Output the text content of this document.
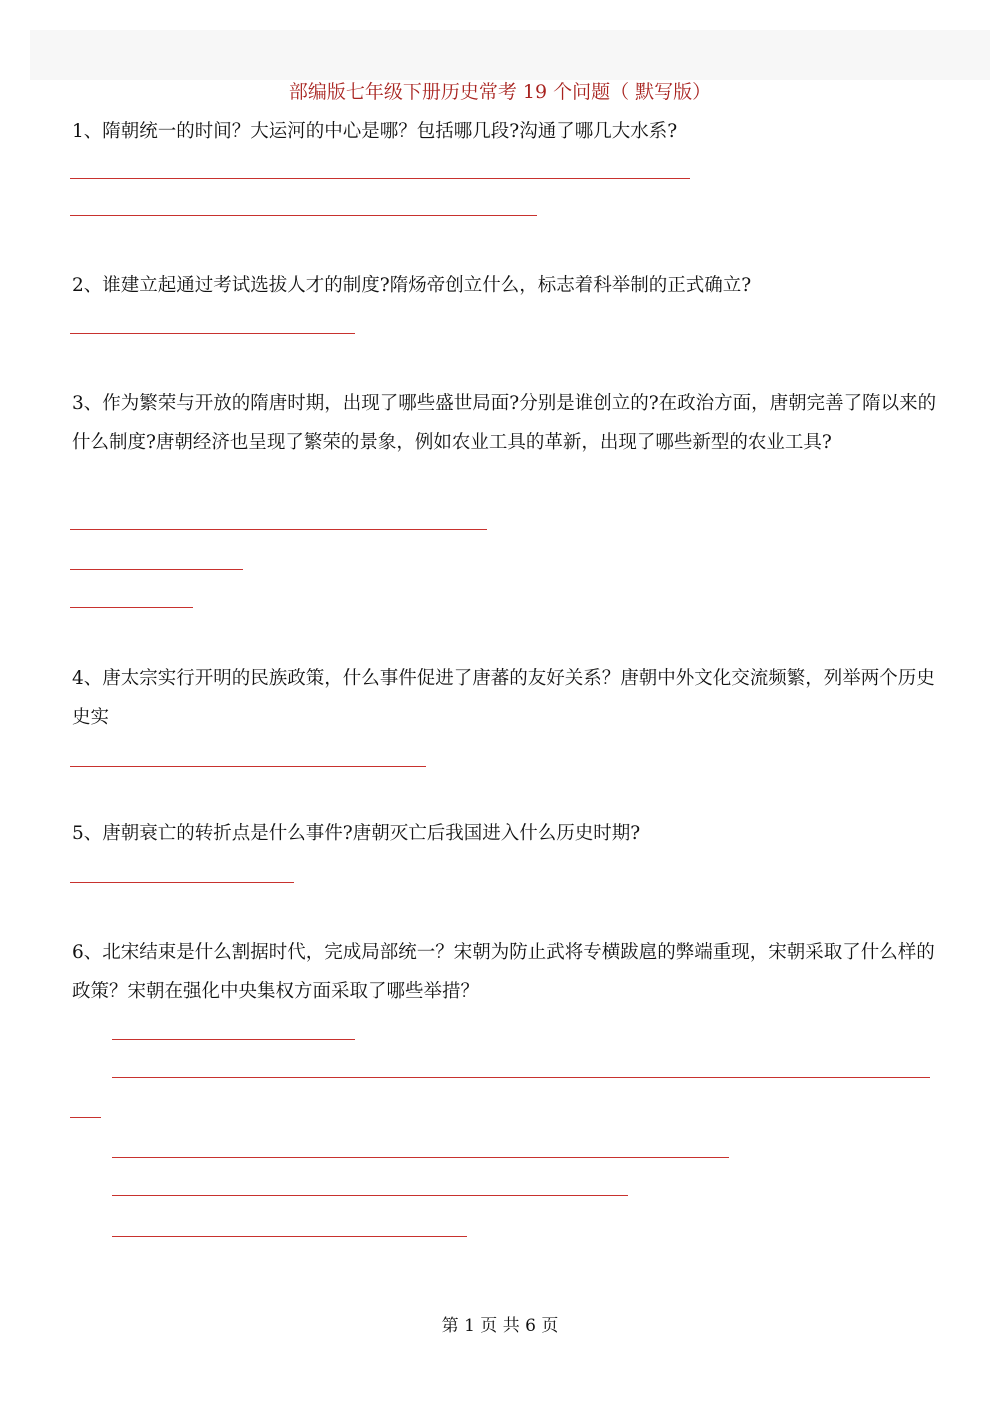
部编版七年级下册历史常考 19 个问题（ 默写版）
1、隋朝统一的时间？大运河的中心是哪？包括哪几段?沟通了哪几大水系?
2、谁建立起通过考试选拔人才的制度?隋炀帝创立什么，标志着科举制的正式确立?
3、作为繁荣与开放的隋唐时期，出现了哪些盛世局面?分别是谁创立的?在政治方面，唐朝完善了隋以来的什么制度?唐朝经济也呈现了繁荣的景象，例如农业工具的革新，出现了哪些新型的农业工具?
4、唐太宗实行开明的民族政策，什么事件促进了唐蕃的友好关系？唐朝中外文化交流频繁，列举两个历史史实
5、唐朝衰亡的转折点是什么事件?唐朝灭亡后我国进入什么历史时期?
6、北宋结束是什么割据时代，完成局部统一？宋朝为防止武将专横跋扈的弊端重现，宋朝采取了什么样的政策？宋朝在强化中央集权方面采取了哪些举措？
第 1 页 共 6 页
